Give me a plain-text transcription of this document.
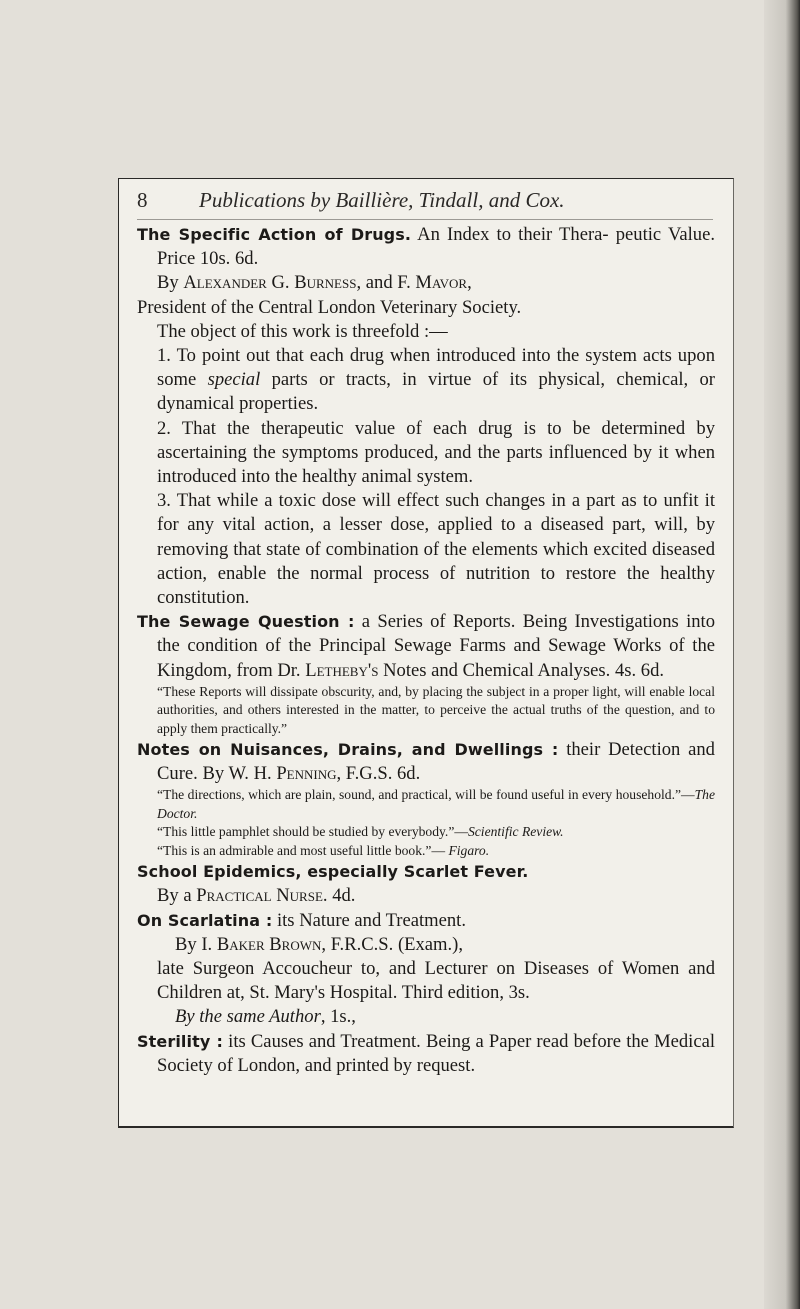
8 Publications by Baillière, Tindall, and Cox.

The Specific Action of Drugs. An Index to their Thera- peutic Value. Price 10s. 6d.

By Alexander G. Burness, and F. Mavor,

President of the Central London Veterinary Society.

The object of this work is threefold :—

1. To point out that each drug when introduced into the system acts upon some special parts or tracts, in virtue of its physical, chemical, or dynamical properties.

2. That the therapeutic value of each drug is to be determined by ascertaining the symptoms produced, and the parts influenced by it when introduced into the healthy animal system.

3. That while a toxic dose will effect such changes in a part as to unfit it for any vital action, a lesser dose, applied to a diseased part, will, by removing that state of combination of the elements which excited diseased action, enable the normal process of nutrition to restore the healthy constitution.

The Sewage Question : a Series of Reports. Being Investigations into the condition of the Principal Sewage Farms and Sewage Works of the Kingdom, from Dr. Letheby's Notes and Chemical Analyses. 4s. 6d.

“These Reports will dissipate obscurity, and, by placing the subject in a proper light, will enable local authorities, and others interested in the matter, to perceive the actual truths of the question, and to apply them practically.”

Notes on Nuisances, Drains, and Dwellings : their Detection and Cure. By W. H. Penning, F.G.S. 6d.

“The directions, which are plain, sound, and practical, will be found useful in every household.”—The Doctor.

“This little pamphlet should be studied by everybody.”—Scientific Review.

“This is an admirable and most useful little book.”— Figaro.

School Epidemics, especially Scarlet Fever.

By a Practical Nurse. 4d.

On Scarlatina : its Nature and Treatment.

By I. Baker Brown, F.R.C.S. (Exam.),

late Surgeon Accoucheur to, and Lecturer on Diseases of Women and Children at, St. Mary's Hospital. Third edition, 3s.

By the same Author, 1s.,

Sterility : its Causes and Treatment. Being a Paper read before the Medical Society of London, and printed by request.
